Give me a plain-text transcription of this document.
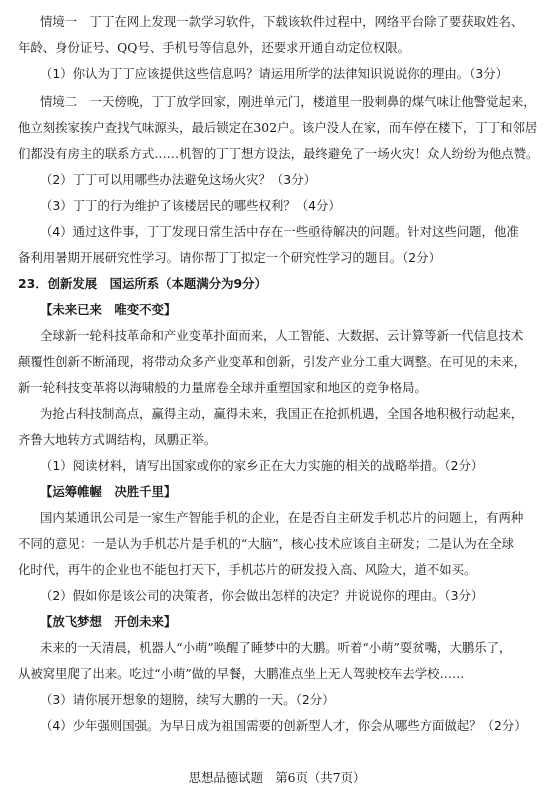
情境一　丁丁在网上发现一款学习软件，下载该软件过程中，网络平台除了要获取姓名、
年龄、身份证号、QQ号、手机号等信息外，还要求开通自动定位权限。
（1）你认为丁丁应该提供这些信息吗？请运用所学的法律知识说说你的理由。（3分）
情境二　一天傍晚，丁丁放学回家，刚进单元门，楼道里一股刺鼻的煤气味让他警觉起来，
他立刻挨家挨户查找气味源头，最后锁定在302户。该户没人在家，而车停在楼下，丁丁和邻居
们都没有房主的联系方式……机智的丁丁想方设法，最终避免了一场火灾！众人纷纷为他点赞。
（2）丁丁可以用哪些办法避免这场火灾？（3分）
（3）丁丁的行为维护了该楼居民的哪些权利？（4分）
（4）通过这件事，丁丁发现日常生活中存在一些亟待解决的问题。针对这些问题，他准
备利用暑期开展研究性学习。请你帮丁丁拟定一个研究性学习的题目。（2分）
23．创新发展　国运所系（本题满分为9分）
【未来已来　唯变不变】
全球新一轮科技革命和产业变革扑面而来，人工智能、大数据、云计算等新一代信息技术
颠覆性创新不断涌现，将带动众多产业变革和创新，引发产业分工重大调整。在可见的未来，
新一轮科技变革将以海啸般的力量席卷全球并重塑国家和地区的竞争格局。
为抢占科技制高点，赢得主动，赢得未来，我国正在抢抓机遇，全国各地积极行动起来，
齐鲁大地转方式调结构，凤鹏正举。
（1）阅读材料，请写出国家或你的家乡正在大力实施的相关的战略举措。（2分）
【运筹帷幄　决胜千里】
国内某通讯公司是一家生产智能手机的企业，在是否自主研发手机芯片的问题上，有两种
不同的意见：一是认为手机芯片是手机的“大脑”，核心技术应该自主研发；二是认为在全球
化时代，再牛的企业也不能包打天下，手机芯片的研发投入高、风险大，道不如买。
（2）假如你是该公司的决策者，你会做出怎样的决定？并说说你的理由。（3分）
【放飞梦想　开创未来】
未来的一天清晨，机器人“小萌”唤醒了睡梦中的大鹏。听着“小萌”耍贫嘴，大鹏乐了，
从被窝里爬了出来。吃过“小萌”做的早餐，大鹏准点坐上无人驾驶校车去学校……
（3）请你展开想象的翅膀，续写大鹏的一天。（2分）
（4）少年强则国强。为早日成为祖国需要的创新型人才，你会从哪些方面做起？（2分）
思想品德试题　第6页（共7页）
